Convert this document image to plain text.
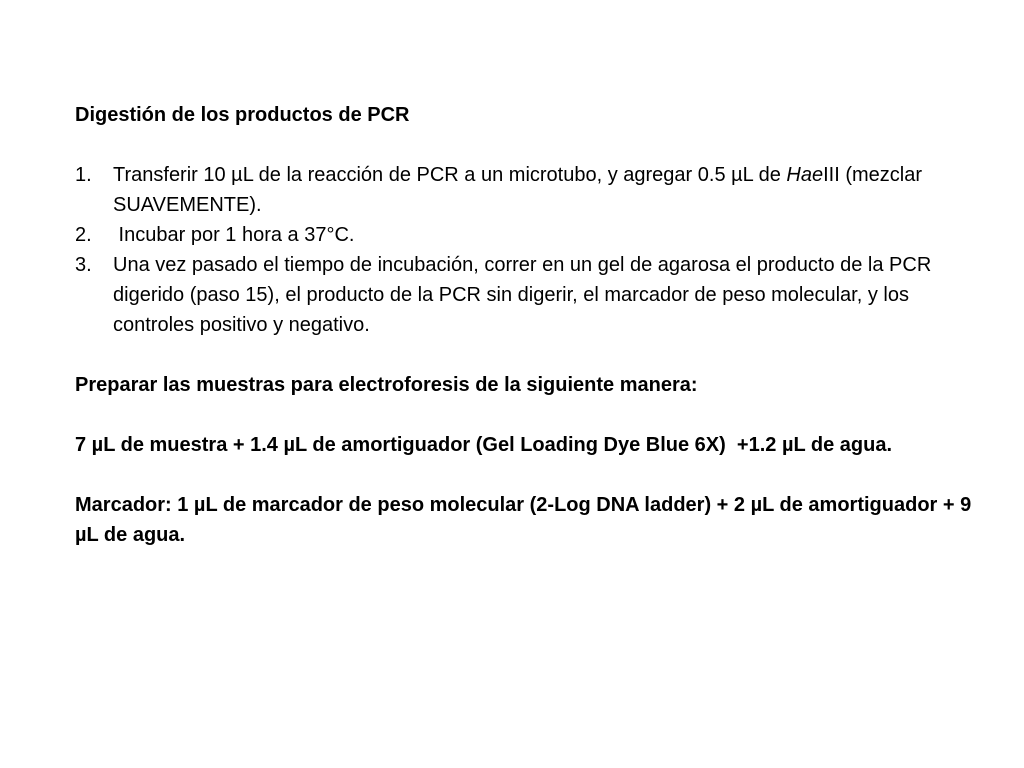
Digestión de los productos de PCR
1. Transferir 10 µL de la reacción de PCR a un microtubo, y agregar 0.5 µL de HaeIII (mezclar SUAVEMENTE).
2. Incubar por 1 hora a 37°C.
3. Una vez pasado el tiempo de incubación, correr en un gel de agarosa el producto de la PCR digerido (paso 15), el producto de la PCR sin digerir, el marcador de peso molecular, y los controles positivo y negativo.
Preparar las muestras para electroforesis de la siguiente manera:
7 µL de muestra + 1.4 µL de amortiguador (Gel Loading Dye Blue 6X)  +1.2 µL de agua.
Marcador: 1 µL de marcador de peso molecular (2-Log DNA ladder) + 2 µL de amortiguador + 9 µL de agua.
